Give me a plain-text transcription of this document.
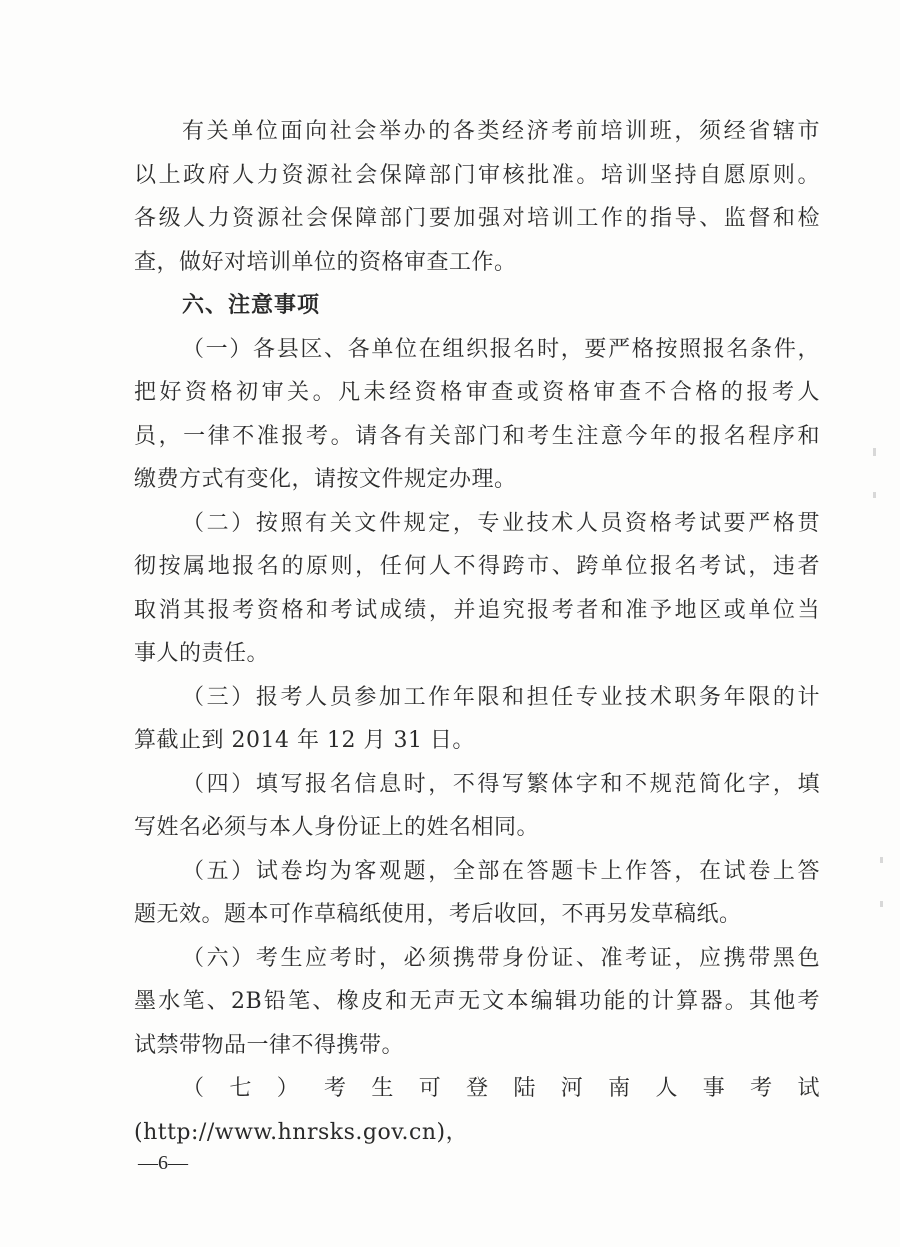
有关单位面向社会举办的各类经济考前培训班，须经省辖市

以上政府人力资源社会保障部门审核批准。培训坚持自愿原则。

各级人力资源社会保障部门要加强对培训工作的指导、监督和检

查，做好对培训单位的资格审查工作。

六、注意事项

（一）各县区、各单位在组织报名时，要严格按照报名条件，

把好资格初审关。凡未经资格审查或资格审查不合格的报考人

员，一律不准报考。请各有关部门和考生注意今年的报名程序和

缴费方式有变化，请按文件规定办理。

（二）按照有关文件规定，专业技术人员资格考试要严格贯

彻按属地报名的原则，任何人不得跨市、跨单位报名考试，违者

取消其报考资格和考试成绩，并追究报考者和准予地区或单位当

事人的责任。

（三）报考人员参加工作年限和担任专业技术职务年限的计

算截止到 2014 年 12 月 31 日。

（四）填写报名信息时，不得写繁体字和不规范简化字，填

写姓名必须与本人身份证上的姓名相同。

（五）试卷均为客观题，全部在答题卡上作答，在试卷上答

题无效。题本可作草稿纸使用，考后收回，不再另发草稿纸。

（六）考生应考时，必须携带身份证、准考证，应携带黑色

墨水笔、2B铅笔、橡皮和无声无文本编辑功能的计算器。其他考

试禁带物品一律不得携带。

（七）考生可登陆河南人事考试(http://www.hnrsks.gov.cn)，

—6—
